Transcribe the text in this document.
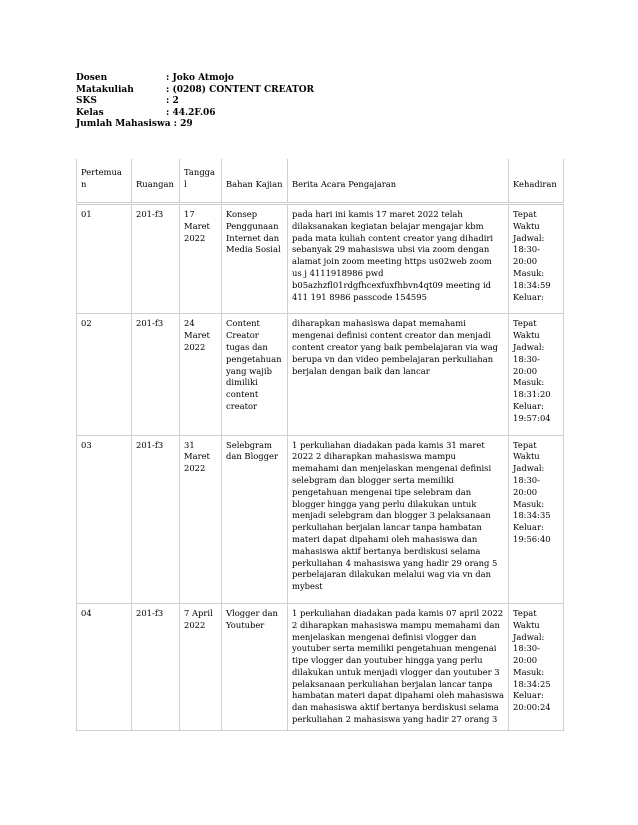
Dosen	: Joko Atmojo
Matakuliah	: (0208) CONTENT CREATOR
SKS	: 2
Kelas	: 44.2F.06
Jumlah Mahasiswa : 29
Pertemuan	Ruangan	Tanggal	Bahan Kajian	Berita Acara Pengajaran	Kehadiran
01	201-f3	17 Maret 2022	Konsep Penggunaan Internet dan Media Sosial	pada hari ini kamis 17 maret 2022 telah dilaksanakan kegiatan belajar mengajar kbm pada mata kuliah content creator yang dihadiri sebanyak 29 mahasiswa ubsi via zoom dengan alamat join zoom meeting https us02web zoom us j 4111918986 pwd b05azhzfl01rdgfhcexfuxfhbvn4qt09 meeting id 411 191 8986 passcode 154595	Tepat Waktu Jadwal: 18:30-20:00 Masuk: 18:34:59 Keluar:
02	201-f3	24 Maret 2022	Content Creator tugas dan pengetahuan yang wajib dimiliki content creator	diharapkan mahasiswa dapat memahami mengenai definisi content creator dan menjadi content creator yang baik pembelajaran via wag berupa vn dan video pembelajaran perkuliahan berjalan dengan baik dan lancar	Tepat Waktu Jadwal: 18:30-20:00 Masuk: 18:31:20 Keluar: 19:57:04
03	201-f3	31 Maret 2022	Selebgram dan Blogger	1 perkuliahan diadakan pada kamis 31 maret 2022 2 diharapkan mahasiswa mampu memahami dan menjelaskan mengenai definisi selebgram dan blogger serta memiliki pengetahuan mengenai tipe selebram dan blogger hingga yang perlu dilakukan untuk menjadi selebgram dan blogger 3 pelaksanaan perkuliahan berjalan lancar tanpa hambatan materi dapat dipahami oleh mahasiswa dan mahasiswa aktif bertanya berdiskusi selama perkuliahan 4 mahasiswa yang hadir 29 orang 5 perbelajaran dilakukan melalui wag via vn dan mybest	Tepat Waktu Jadwal: 18:30-20:00 Masuk: 18:34:35 Keluar: 19:56:40
04	201-f3	7 April 2022	Vlogger dan Youtuber	1 perkuliahan diadakan pada kamis 07 april 2022 2 diharapkan mahasiswa mampu memahami dan menjelaskan mengenai definisi vlogger dan youtuber serta memiliki pengetahuan mengenai tipe vlogger dan youtuber hingga yang perlu dilakukan untuk menjadi vlogger dan youtuber 3 pelaksanaan perkuliahan berjalan lancar tanpa hambatan materi dapat dipahami oleh mahasiswa dan mahasiswa aktif bertanya berdiskusi selama perkuliahan 2 mahasiswa yang hadir 27 orang 3	Tepat Waktu Jadwal: 18:30-20:00 Masuk: 18:34:25 Keluar: 20:00:24
